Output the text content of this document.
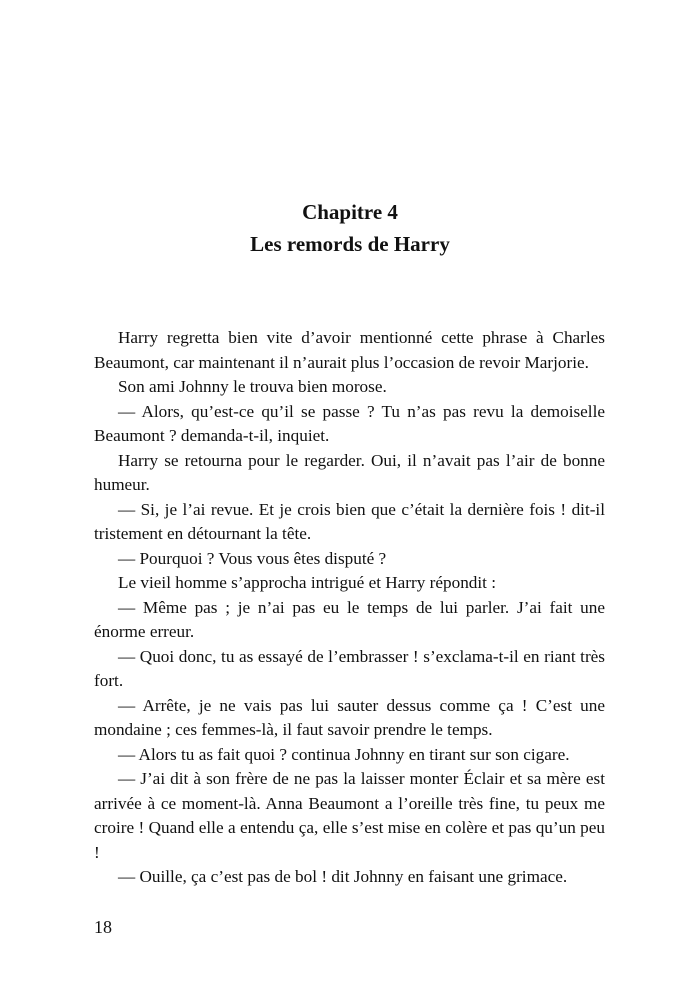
Chapitre 4
Les remords de Harry

Harry regretta bien vite d’avoir mentionné cette phrase à Charles Beaumont, car maintenant il n’aurait plus l’occasion de revoir Marjorie.

Son ami Johnny le trouva bien morose.

— Alors, qu’est-ce qu’il se passe ? Tu n’as pas revu la demoiselle Beaumont ? demanda-t-il, inquiet.

Harry se retourna pour le regarder. Oui, il n’avait pas l’air de bonne humeur.

— Si, je l’ai revue. Et je crois bien que c’était la dernière fois ! dit-il tristement en détournant la tête.

— Pourquoi ? Vous vous êtes disputé ?

Le vieil homme s’approcha intrigué et Harry répondit :

— Même pas ; je n’ai pas eu le temps de lui parler. J’ai fait une énorme erreur.

— Quoi donc, tu as essayé de l’embrasser ! s’exclama-t-il en riant très fort.

— Arrête, je ne vais pas lui sauter dessus comme ça ! C’est une mondaine ; ces femmes-là, il faut savoir prendre le temps.

— Alors tu as fait quoi ? continua Johnny en tirant sur son cigare.

— J’ai dit à son frère de ne pas la laisser monter Éclair et sa mère est arrivée à ce moment-là. Anna Beaumont a l’oreille très fine, tu peux me croire ! Quand elle a entendu ça, elle s’est mise en colère et pas qu’un peu !

— Ouille, ça c’est pas de bol ! dit Johnny en faisant une grimace.

18
